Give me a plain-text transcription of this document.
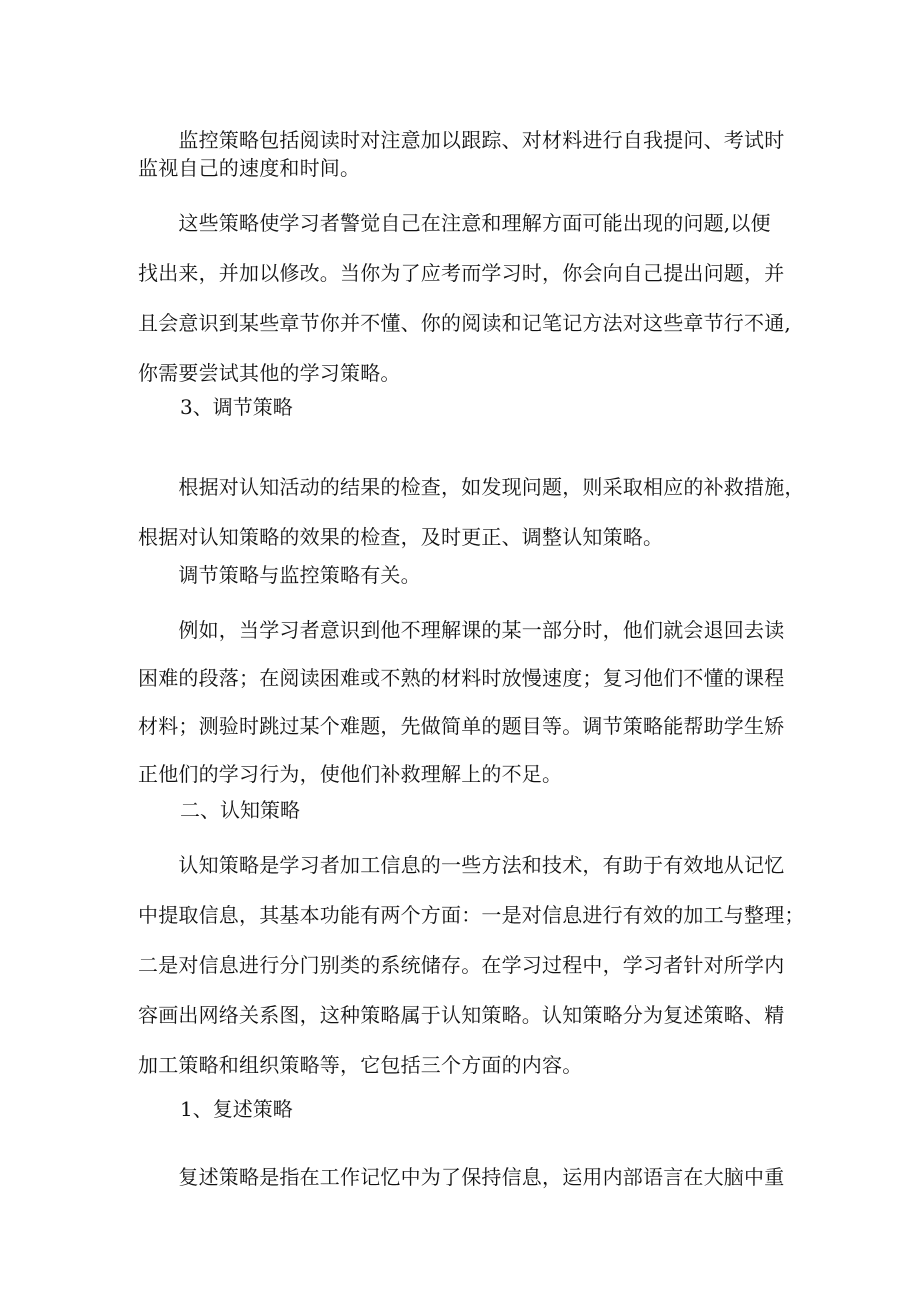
　　监控策略包括阅读时对注意加以跟踪、对材料进行自我提问、考试时
监视自己的速度和时间。

　　这些策略使学习者警觉自己在注意和理解方面可能出现的问题,以便
找出来，并加以修改。当你为了应考而学习时，你会向自己提出问题，并
且会意识到某些章节你并不懂、你的阅读和记笔记方法对这些章节行不通,
你需要尝试其他的学习策略。

3、调节策略

　　根据对认知活动的结果的检查，如发现问题，则采取相应的补救措施，
根据对认知策略的效果的检查，及时更正、调整认知策略。

　　调节策略与监控策略有关。

　　例如，当学习者意识到他不理解课的某一部分时，他们就会退回去读
困难的段落；在阅读困难或不熟的材料时放慢速度；复习他们不懂的课程
材料；测验时跳过某个难题，先做简单的题目等。调节策略能帮助学生矫
正他们的学习行为，使他们补救理解上的不足。

二、认知策略

　　认知策略是学习者加工信息的一些方法和技术，有助于有效地从记忆
中提取信息，其基本功能有两个方面：一是对信息进行有效的加工与整理；
二是对信息进行分门别类的系统储存。在学习过程中，学习者针对所学内
容画出网络关系图，这种策略属于认知策略。认知策略分为复述策略、精
加工策略和组织策略等，它包括三个方面的内容。

1、复述策略

　　复述策略是指在工作记忆中为了保持信息，运用内部语言在大脑中重
